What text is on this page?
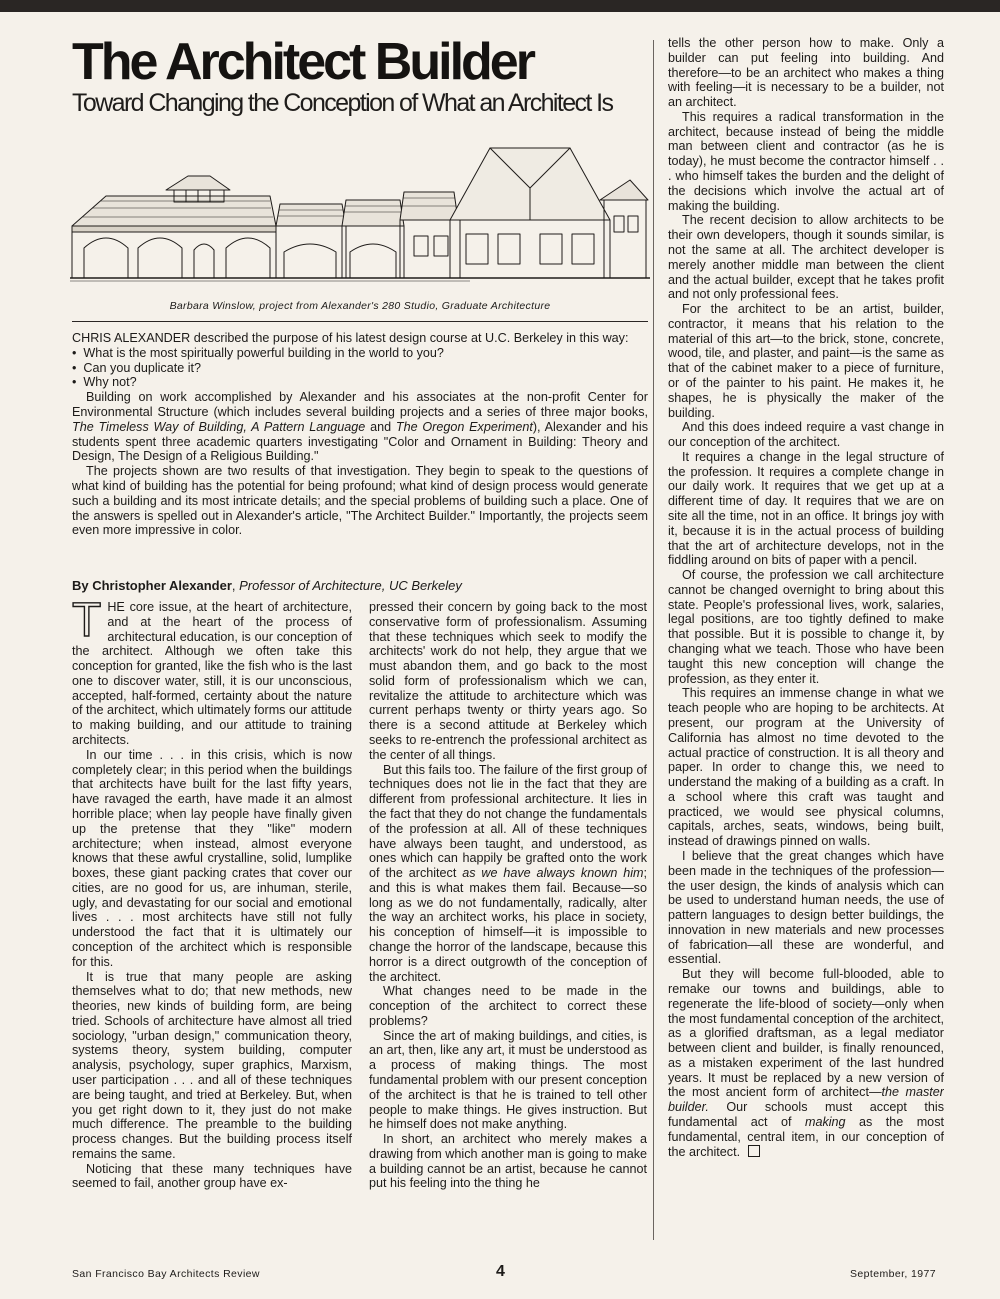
The Architect Builder
Toward Changing the Conception of What an Architect Is
Barbara Winslow, project from Alexander's 280 Studio, Graduate Architecture

CHRIS ALEXANDER described the purpose of his latest design course at U.C. Berkeley in this way:

•  What is the most spiritually powerful building in the world to you?
•  Can you duplicate it?
•  Why not?

Building on work accomplished by Alexander and his associates at the non-profit Center for Environmental Structure (which includes several building projects and a series of three major books, The Timeless Way of Building, A Pattern Language and The Oregon Experiment), Alexander and his students spent three academic quarters investigating "Color and Ornament in Building: Theory and Design, The Design of a Religious Building."

The projects shown are two results of that investigation. They begin to speak to the questions of what kind of building has the potential for being profound; what kind of design process would generate such a building and its most intricate details; and the special problems of building such a place. One of the answers is spelled out in Alexander's article, "The Architect Builder." Importantly, the projects seem even more impressive in color.

By Christopher Alexander, Professor of Architecture, UC Berkeley

THE core issue, at the heart of architecture, and at the heart of the process of architectural education, is our conception of the architect. Although we often take this conception for granted, like the fish who is the last one to discover water, still, it is our unconscious, accepted, half-formed, certainty about the nature of the architect, which ultimately forms our attitude to making building, and our attitude to training architects.

In our time . . . in this crisis, which is now completely clear; in this period when the buildings that architects have built for the last fifty years, have ravaged the earth, have made it an almost horrible place; when lay people have finally given up the pretense that they "like" modern architecture; when instead, almost everyone knows that these awful crystalline, solid, lumplike boxes, these giant packing crates that cover our cities, are no good for us, are inhuman, sterile, ugly, and devastating for our social and emotional lives . . . most architects have still not fully understood the fact that it is ultimately our conception of the architect which is responsible for this.

It is true that many people are asking themselves what to do; that new methods, new theories, new kinds of building form, are being tried. Schools of architecture have almost all tried sociology, "urban design," communication theory, systems theory, system building, computer analysis, psychology, super graphics, Marxism, user participation . . . and all of these techniques are being taught, and tried at Berkeley. But, when you get right down to it, they just do not make much difference. The preamble to the building process changes. But the building process itself remains the same.

Noticing that these many techniques have seemed to fail, another group have ex-

pressed their concern by going back to the most conservative form of professionalism. Assuming that these techniques which seek to modify the architects' work do not help, they argue that we must abandon them, and go back to the most solid form of professionalism which we can, revitalize the attitude to architecture which was current perhaps twenty or thirty years ago. So there is a second attitude at Berkeley which seeks to re-entrench the professional architect as the center of all things.

But this fails too. The failure of the first group of techniques does not lie in the fact that they are different from professional architecture. It lies in the fact that they do not change the fundamentals of the profession at all. All of these techniques have always been taught, and understood, as ones which can happily be grafted onto the work of the architect as we have always known him; and this is what makes them fail. Because—so long as we do not fundamentally, radically, alter the way an architect works, his place in society, his conception of himself—it is impossible to change the horror of the landscape, because this horror is a direct outgrowth of the conception of the architect.

What changes need to be made in the conception of the architect to correct these problems?

Since the art of making buildings, and cities, is an art, then, like any art, it must be understood as a process of making things. The most fundamental problem with our present conception of the architect is that he is trained to tell other people to make things. He gives instruction. But he himself does not make anything.

In short, an architect who merely makes a drawing from which another man is going to make a building cannot be an artist, because he cannot put his feeling into the thing he

tells the other person how to make. Only a builder can put feeling into building. And therefore—to be an architect who makes a thing with feeling—it is necessary to be a builder, not an architect.

This requires a radical transformation in the architect, because instead of being the middle man between client and contractor (as he is today), he must become the contractor himself . . . who himself takes the burden and the delight of the decisions which involve the actual art of making the building.

The recent decision to allow architects to be their own developers, though it sounds similar, is not the same at all. The architect developer is merely another middle man between the client and the actual builder, except that he takes profit and not only professional fees.

For the architect to be an artist, builder, contractor, it means that his relation to the material of this art—to the brick, stone, concrete, wood, tile, and plaster, and paint—is the same as that of the cabinet maker to a piece of furniture, or of the painter to his paint. He makes it, he shapes, he is physically the maker of the building.

And this does indeed require a vast change in our conception of the architect.

It requires a change in the legal structure of the profession. It requires a complete change in our daily work. It requires that we get up at a different time of day. It requires that we are on site all the time, not in an office. It brings joy with it, because it is in the actual process of building that the art of architecture develops, not in the fiddling around on bits of paper with a pencil.

Of course, the profession we call architecture cannot be changed overnight to bring about this state. People's professional lives, work, salaries, legal positions, are too tightly defined to make that possible. But it is possible to change it, by changing what we teach. Those who have been taught this new conception will change the profession, as they enter it.

This requires an immense change in what we teach people who are hoping to be architects. At present, our program at the University of California has almost no time devoted to the actual practice of construction. It is all theory and paper. In order to change this, we need to understand the making of a building as a craft. In a school where this craft was taught and practiced, we would see physical columns, capitals, arches, seats, windows, being built, instead of drawings pinned on walls.

I believe that the great changes which have been made in the techniques of the profession—the user design, the kinds of analysis which can be used to understand human needs, the use of pattern languages to design better buildings, the innovation in new materials and new processes of fabrication—all these are wonderful, and essential.

But they will become full-blooded, able to remake our towns and buildings, able to regenerate the life-blood of society—only when the most fundamental conception of the architect, as a glorified draftsman, as a legal mediator between client and builder, is finally renounced, as a mistaken experiment of the last hundred years. It must be replaced by a new version of the most ancient form of architect—the master builder. Our schools must accept this fundamental act of making as the most fundamental, central item, in our conception of the architect.

San Francisco Bay Architects Review	4	September, 1977
